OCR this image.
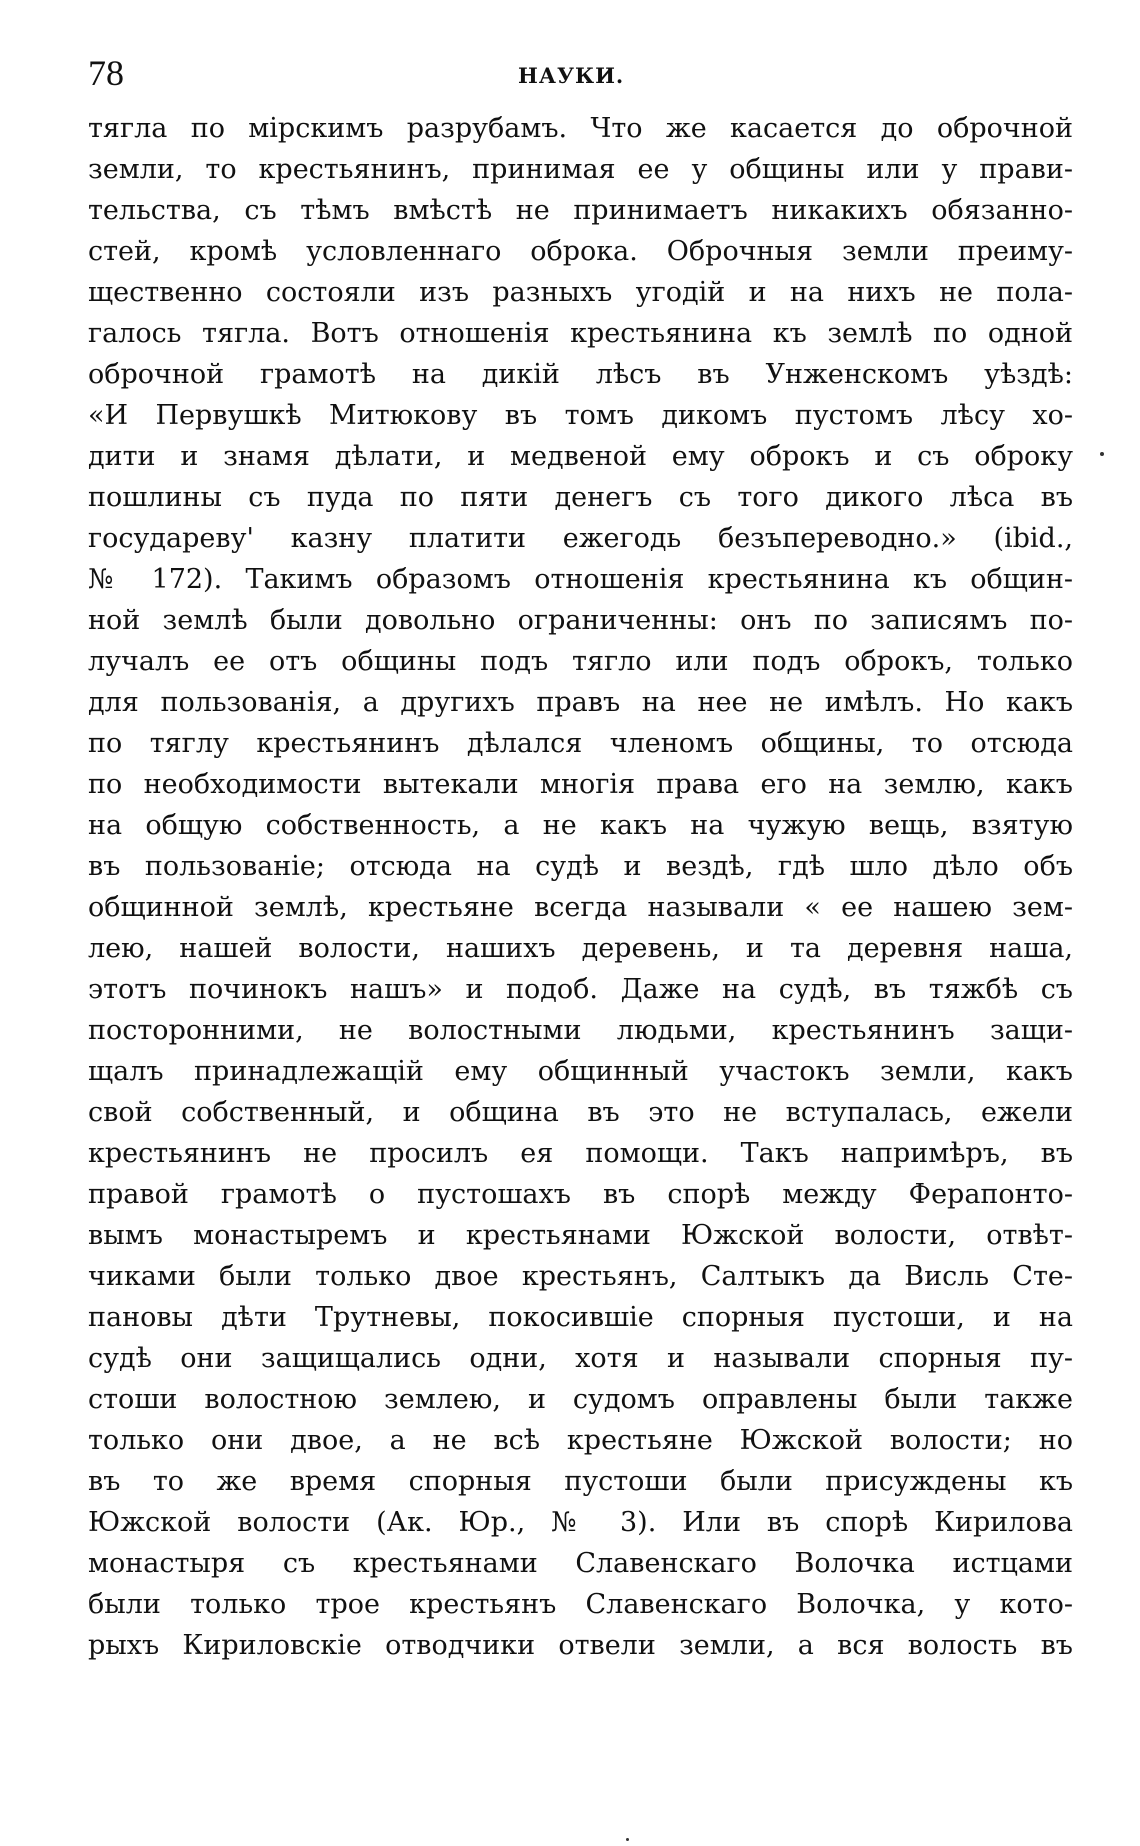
78	НАУКИ.
тягла по мірскимъ разрубамъ. Что же касается до оброчной
земли, то крестьянинъ, принимая ее у общины или у прави-
тельства, съ тѣмъ вмѣстѣ не принимаетъ никакихъ обязанно-
стей, кромѣ условленнаго оброка. Оброчныя земли преиму-
щественно состояли изъ разныхъ угодій и на нихъ не пола-
галось тягла. Вотъ отношенія крестьянина къ землѣ по одной
оброчной грамотѣ на дикій лѣсъ въ Унженскомъ уѣздѣ:
«И Первушкѣ Митюкову въ томъ дикомъ пустомъ лѣсу хо-
дити и знамя дѣлати, и медвеной ему оброкъ и съ оброку
пошлины съ пуда по пяти денегъ съ того дикого лѣса въ
государеву' казну платити ежегодь безъпереводно.» (ibid.,
№ 172). Такимъ образомъ отношенія крестьянина къ общин-
ной землѣ были довольно ограниченны: онъ по записямъ по-
лучалъ ее отъ общины подъ тягло или подъ оброкъ, только
для пользованія, а другихъ правъ на нее не имѣлъ. Но какъ
по тяглу крестьянинъ дѣлался членомъ общины, то отсюда
по необходимости вытекали многія права его на землю, какъ
на общую собственность, а не какъ на чужую вещь, взятую
въ пользованіе; отсюда на судѣ и вездѣ, гдѣ шло дѣло объ
общинной землѣ, крестьяне всегда называли « ее нашею зем-
лею, нашей волости, нашихъ деревень, и та деревня наша,
этотъ починокъ нашъ» и подоб. Даже на судѣ, въ тяжбѣ съ
посторонними, не волостными людьми, крестьянинъ защи-
щалъ принадлежащій ему общинный участокъ земли, какъ
свой собственный, и община въ это не вступалась, ежели
крестьянинъ не просилъ ея помощи. Такъ напримѣръ, въ
правой грамотѣ о пустошахъ въ спорѣ между Ферапонто-
вымъ монастыремъ и крестьянами Южской волости, отвѣт-
чиками были только двое крестьянъ, Салтыкъ да Висль Сте-
пановы дѣти Трутневы, покосившіе спорныя пустоши, и на
судѣ они защищались одни, хотя и называли спорныя пу-
стоши волостною землею, и судомъ оправлены были также
только они двое, а не всѣ крестьяне Южской волости; но
въ то же время спорныя пустоши были присуждены къ
Южской волости (Ак. Юр., № 3). Или въ спорѣ Кирилова
монастыря съ крестьянами Славенскаго Волочка истцами
были только трое крестьянъ Славенскаго Волочка, у кото-
рыхъ Кириловскіе отводчики отвели земли, а вся волость въ
